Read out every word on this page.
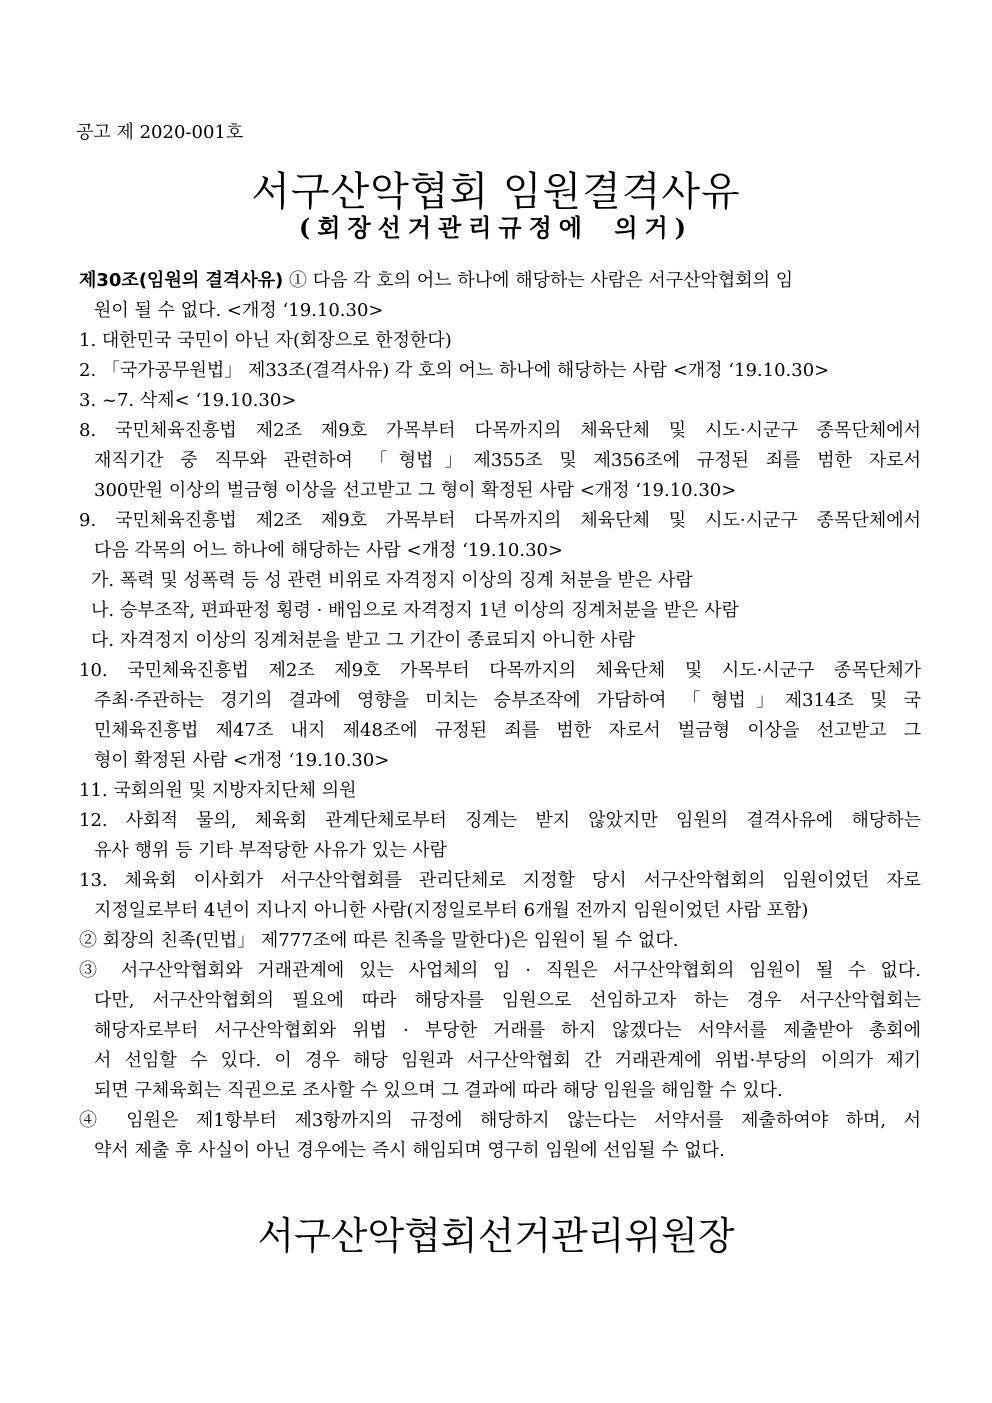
공고 제 2020-001호
서구산악협회 임원결격사유
(회장선거관리규정에 의거)
제30조(임원의 결격사유) ① 다음 각 호의 어느 하나에 해당하는 사람은 서구산악협회의 임
원이 될 수 없다. <개정 ‘19.10.30>
1. 대한민국 국민이 아닌 자(회장으로 한정한다)
2. 「국가공무원법」 제33조(결격사유) 각 호의 어느 하나에 해당하는 사람 <개정 ‘19.10.30>
3. ~7. 삭제< ‘19.10.30>
8. 국민체육진흥법 제2조 제9호 가목부터 다목까지의 체육단체 및 시도·시군구 종목단체에서
재직기간 중 직무와 관련하여 「형법」제355조 및 제356조에 규정된 죄를 범한 자로서
300만원 이상의 벌금형 이상을 선고받고 그 형이 확정된 사람 <개정 ‘19.10.30>
9. 국민체육진흥법 제2조 제9호 가목부터 다목까지의 체육단체 및 시도·시군구 종목단체에서
다음 각목의 어느 하나에 해당하는 사람 <개정 ‘19.10.30>
가. 폭력 및 성폭력 등 성 관련 비위로 자격정지 이상의 징계 처분을 받은 사람
나. 승부조작, 편파판정 횡령 · 배임으로 자격정지 1년 이상의 징계처분을 받은 사람
다. 자격정지 이상의 징계처분을 받고 그 기간이 종료되지 아니한 사람
10. 국민체육진흥법 제2조 제9호 가목부터 다목까지의 체육단체 및 시도·시군구 종목단체가
주최·주관하는 경기의 결과에 영향을 미치는 승부조작에 가담하여 「형법」제314조 및 국
민체육진흥법 제47조 내지 제48조에 규정된 죄를 범한 자로서 벌금형 이상을 선고받고 그
형이 확정된 사람 <개정 ‘19.10.30>
11. 국회의원 및 지방자치단체 의원
12. 사회적 물의, 체육회 관계단체로부터 징계는 받지 않았지만 임원의 결격사유에 해당하는
유사 행위 등 기타 부적당한 사유가 있는 사람
13. 체육회 이사회가 서구산악협회를 관리단체로 지정할 당시 서구산악협회의 임원이었던 자로
지정일로부터 4년이 지나지 아니한 사람(지정일로부터 6개월 전까지 임원이었던 사람 포함)
② 회장의 친족(민법」 제777조에 따른 친족을 말한다)은 임원이 될 수 없다.
③ 서구산악협회와 거래관계에 있는 사업체의 임 · 직원은 서구산악협회의 임원이 될 수 없다.
다만, 서구산악협회의 필요에 따라 해당자를 임원으로 선임하고자 하는 경우 서구산악협회는
해당자로부터 서구산악협회와 위법 · 부당한 거래를 하지 않겠다는 서약서를 제출받아 총회에
서 선임할 수 있다. 이 경우 해당 임원과 서구산악협회 간 거래관계에 위법·부당의 이의가 제기
되면 구체육회는 직권으로 조사할 수 있으며 그 결과에 따라 해당 임원을 해임할 수 있다.
④ 임원은 제1항부터 제3항까지의 규정에 해당하지 않는다는 서약서를 제출하여야 하며, 서
약서 제출 후 사실이 아닌 경우에는 즉시 해임되며 영구히 임원에 선임될 수 없다.
서구산악협회선거관리위원장
